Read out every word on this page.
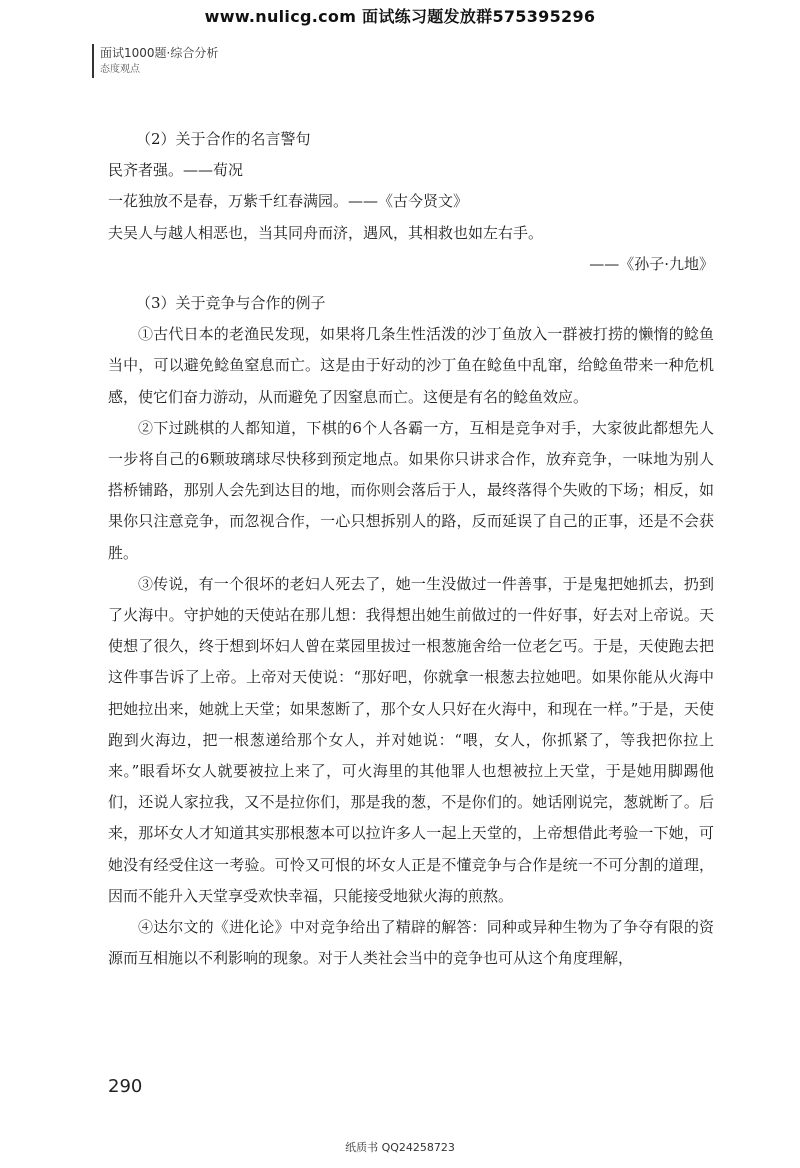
www.nulicg.com 面试练习题发放群575395296
面试1000题·综合分析
态度观点

（2）关于合作的名言警句

民齐者强。——荀况

一花独放不是春，万紫千红春满园。——《古今贤文》

夫吴人与越人相恶也，当其同舟而济，遇风，其相救也如左右手。

——《孙子·九地》

（3）关于竞争与合作的例子

①古代日本的老渔民发现，如果将几条生性活泼的沙丁鱼放入一群被打捞的懒惰的鲶鱼当中，可以避免鲶鱼窒息而亡。这是由于好动的沙丁鱼在鲶鱼中乱窜，给鲶鱼带来一种危机感，使它们奋力游动，从而避免了因窒息而亡。这便是有名的鲶鱼效应。

②下过跳棋的人都知道，下棋的6个人各霸一方，互相是竞争对手，大家彼此都想先人一步将自己的6颗玻璃球尽快移到预定地点。如果你只讲求合作，放弃竞争，一味地为别人搭桥铺路，那别人会先到达目的地，而你则会落后于人，最终落得个失败的下场；相反，如果你只注意竞争，而忽视合作，一心只想拆别人的路，反而延误了自己的正事，还是不会获胜。

③传说，有一个很坏的老妇人死去了，她一生没做过一件善事，于是鬼把她抓去，扔到了火海中。守护她的天使站在那儿想：我得想出她生前做过的一件好事，好去对上帝说。天使想了很久，终于想到坏妇人曾在菜园里拔过一根葱施舍给一位老乞丐。于是，天使跑去把这件事告诉了上帝。上帝对天使说：“那好吧，你就拿一根葱去拉她吧。如果你能从火海中把她拉出来，她就上天堂；如果葱断了，那个女人只好在火海中，和现在一样。”于是，天使跑到火海边，把一根葱递给那个女人，并对她说：“喂，女人，你抓紧了，等我把你拉上来。”眼看坏女人就要被拉上来了，可火海里的其他罪人也想被拉上天堂，于是她用脚踢他们，还说人家拉我，又不是拉你们，那是我的葱，不是你们的。她话刚说完，葱就断了。后来，那坏女人才知道其实那根葱本可以拉许多人一起上天堂的，上帝想借此考验一下她，可她没有经受住这一考验。可怜又可恨的坏女人正是不懂竞争与合作是统一不可分割的道理，因而不能升入天堂享受欢快幸福，只能接受地狱火海的煎熬。

④达尔文的《进化论》中对竞争给出了精辟的解答：同种或异种生物为了争夺有限的资源而互相施以不利影响的现象。对于人类社会当中的竞争也可从这个角度理解，

290
纸质书 QQ24258723
